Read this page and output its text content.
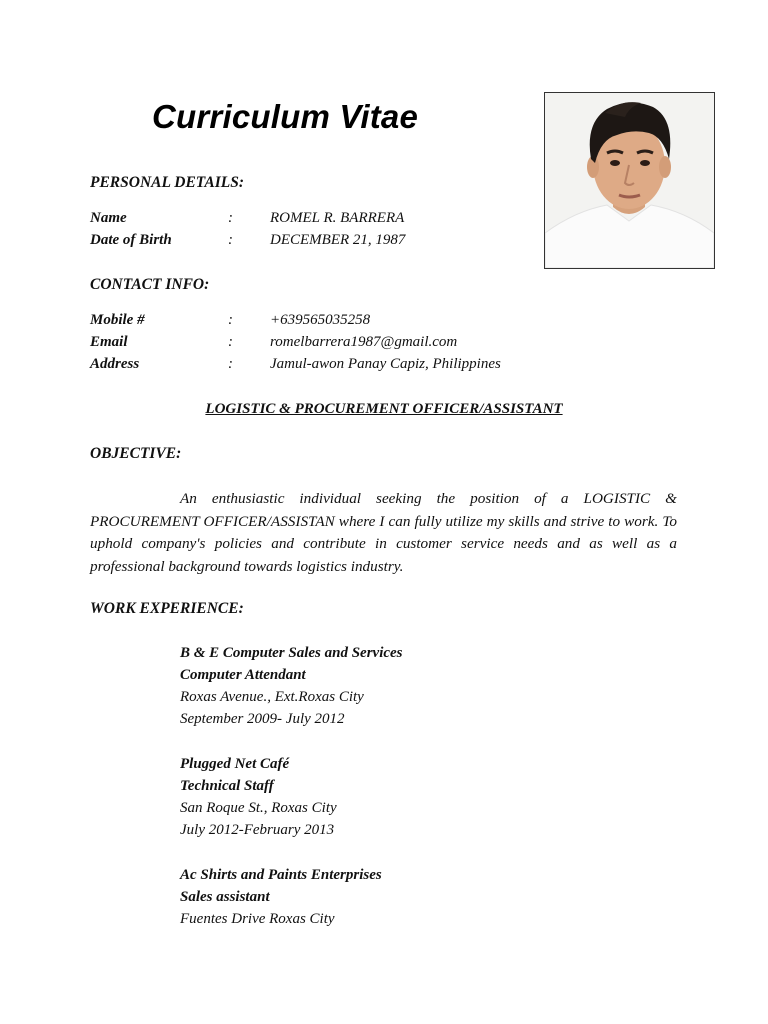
Curriculum Vitae
PERSONAL DETAILS:
Name	: ROMEL R. BARRERA
Date of Birth	: DECEMBER 21, 1987
CONTACT INFO:
Mobile #	: +639565035258
Email	: romelbarrera1987@gmail.com
Address	: Jamul-awon Panay Capiz, Philippines
LOGISTIC & PROCUREMENT OFFICER/ASSISTANT
OBJECTIVE:
An enthusiastic individual seeking the position of a LOGISTIC & PROCUREMENT OFFICER/ASSISTAN where I can fully utilize my skills and strive to work. To uphold company's policies and contribute in customer service needs and as well as a professional background towards logistics industry.
WORK EXPERIENCE:
B & E Computer Sales and Services
Computer Attendant
Roxas Avenue., Ext.Roxas City
September 2009- July 2012
Plugged Net Café
Technical Staff
San Roque St., Roxas City
July 2012-February 2013
Ac Shirts and Paints Enterprises
Sales assistant
Fuentes Drive Roxas City
